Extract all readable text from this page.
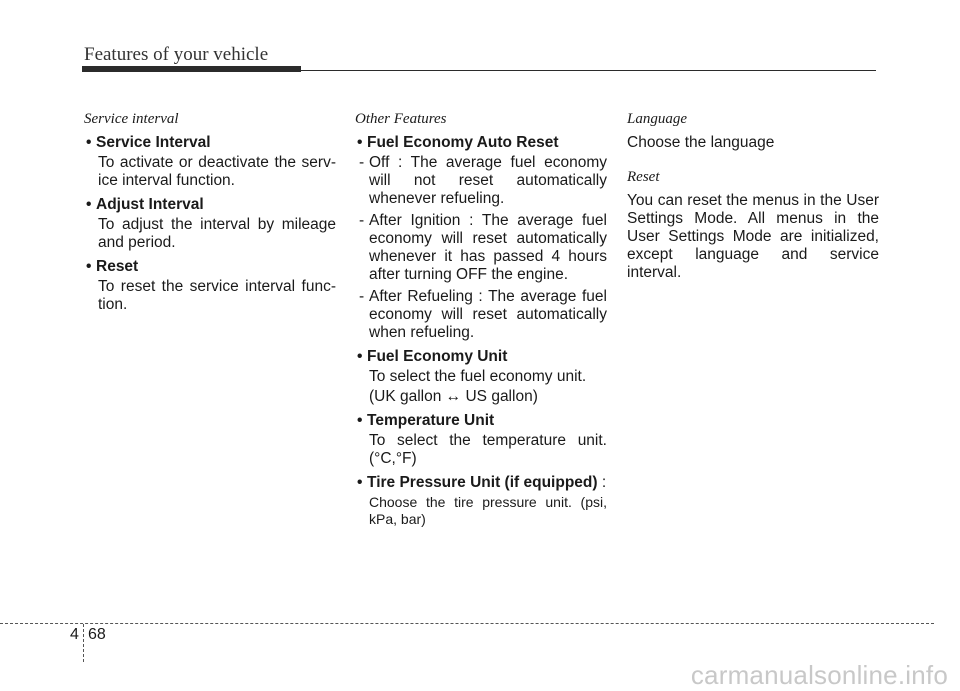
Features of your vehicle
Service interval
• Service Interval
To activate or deactivate the serv-ice interval function.
• Adjust Interval
To adjust the interval by mileage and period.
• Reset
To reset the service interval func-tion.
Other Features
• Fuel Economy Auto Reset
- Off : The average fuel economy will not reset automatically whenever refueling.
- After Ignition : The average fuel economy will reset automatically whenever it has passed 4 hours after turning OFF the engine.
- After Refueling : The average fuel economy will reset automatically when refueling.
• Fuel Economy Unit
To select the fuel economy unit.
(UK gallon ↔ US gallon)
• Temperature Unit
To select the temperature unit. (°C,°F)
• Tire Pressure Unit (if equipped) :
Choose the tire pressure unit. (psi, kPa, bar)
Language
Choose the language
Reset
You can reset the menus in the User Settings Mode. All menus in the User Settings Mode are initialized, except language and service interval.
4 68
carmanualsonline.info
